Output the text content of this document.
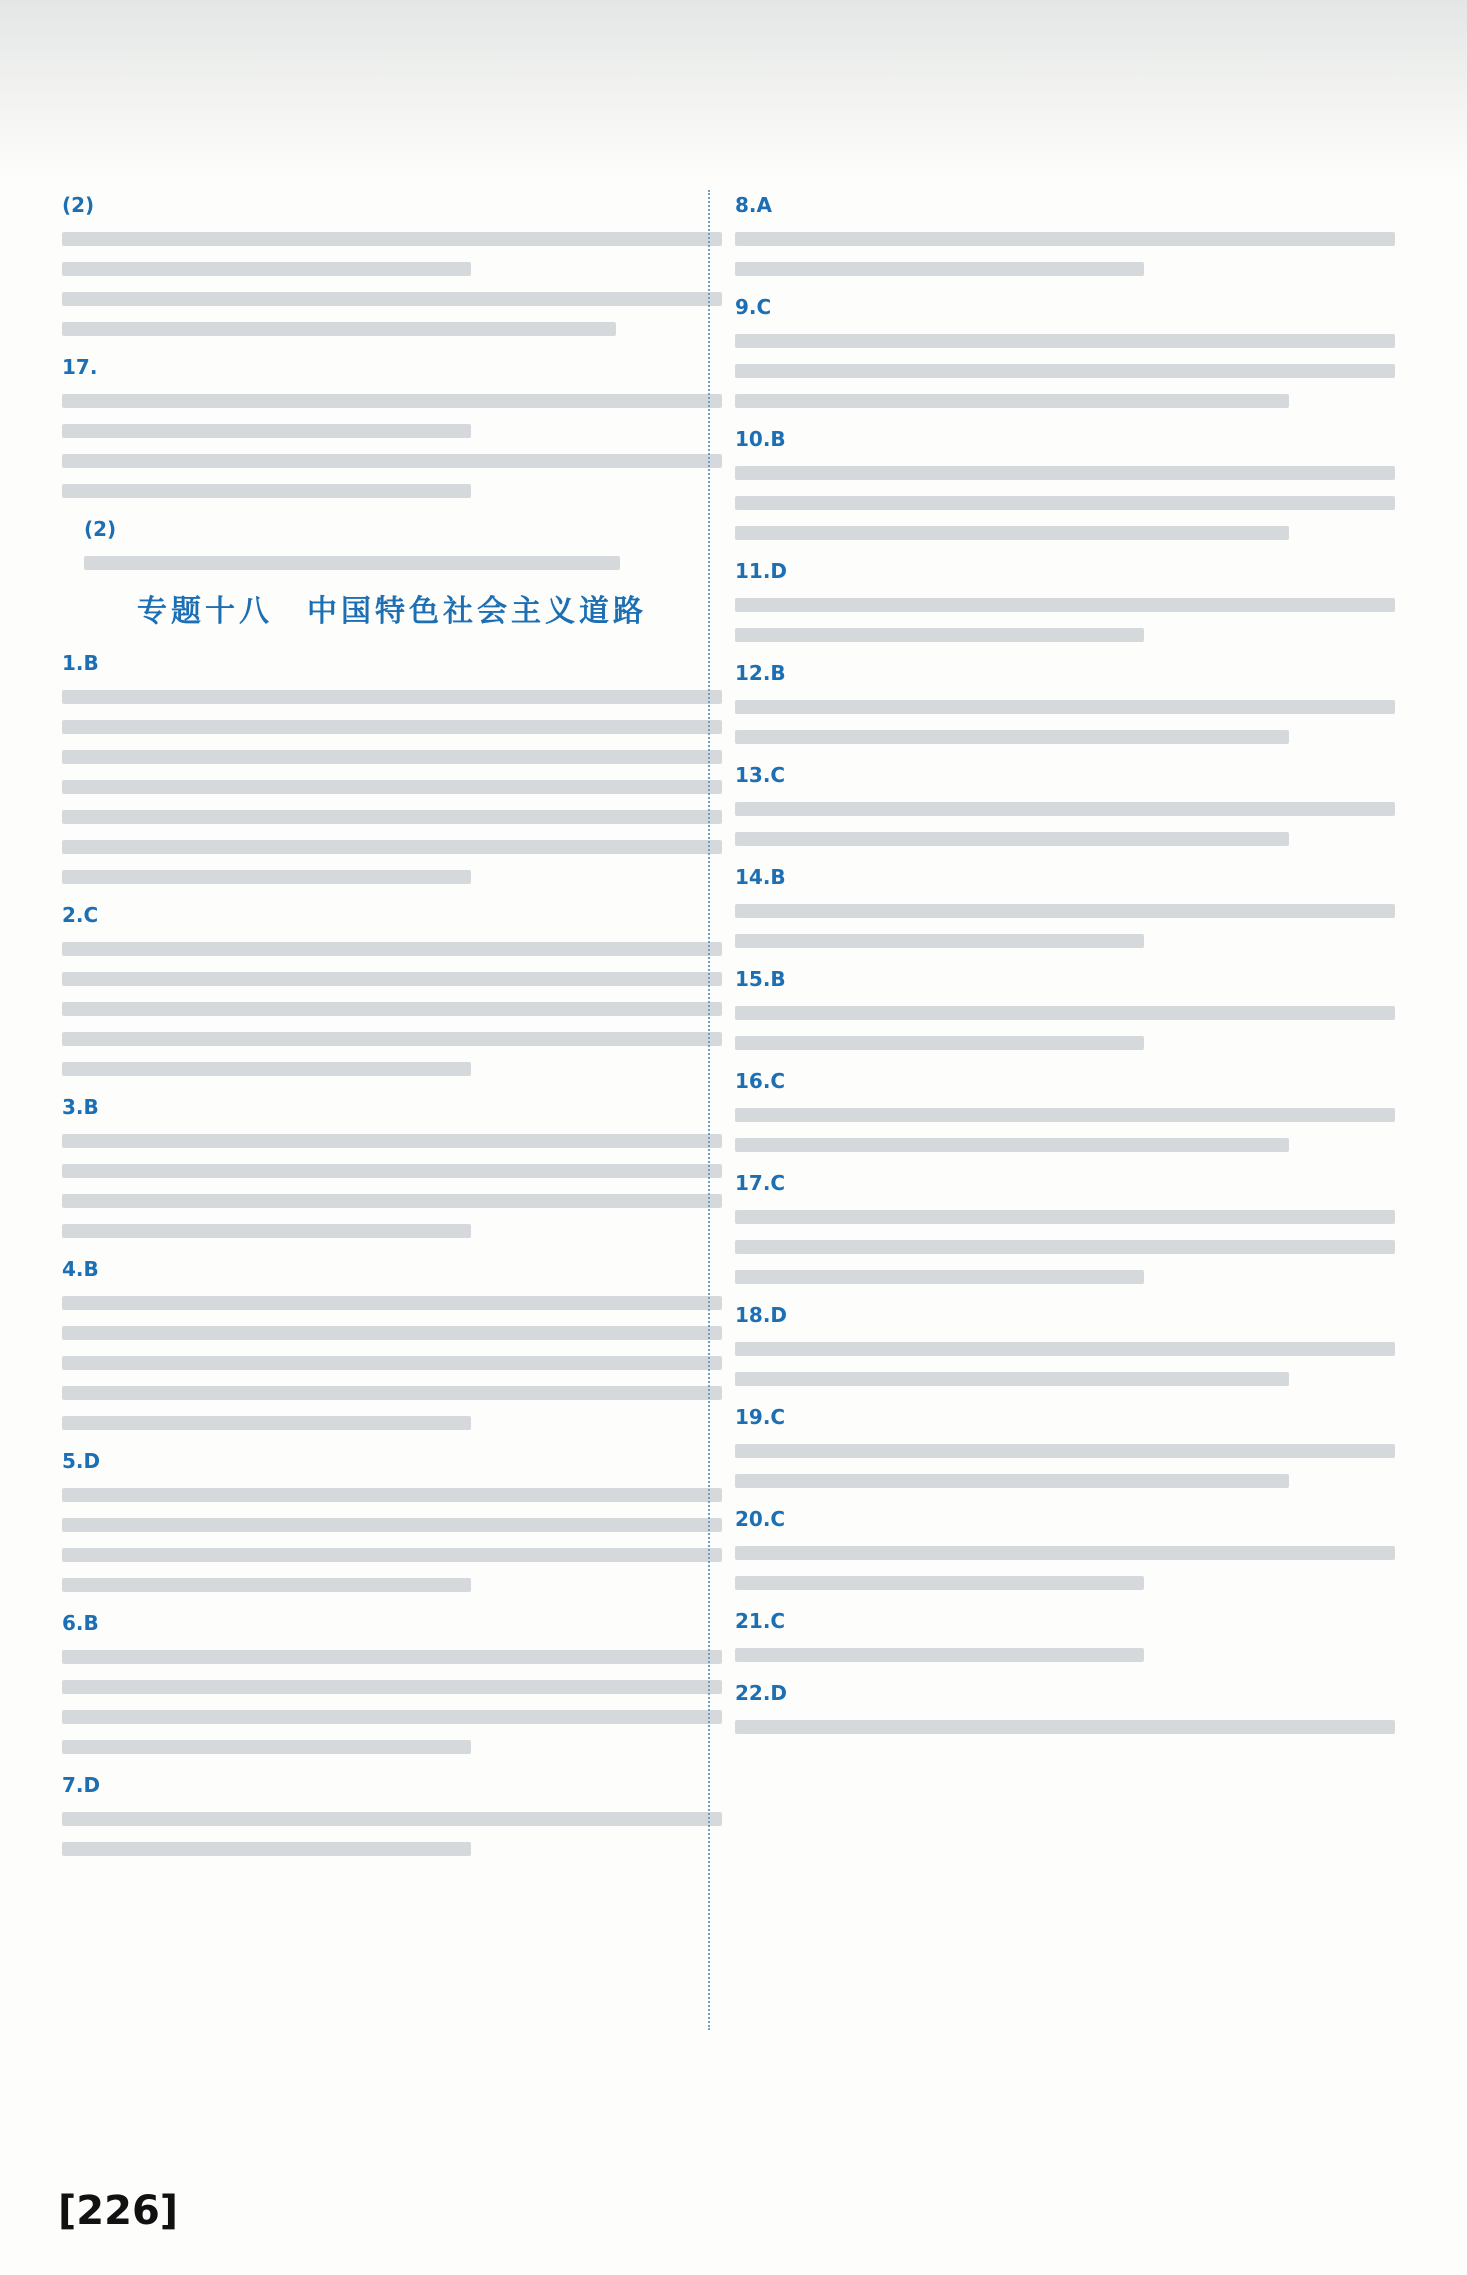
(2)
17.
(2)
专题十八　中国特色社会主义道路
1.B
2.C
3.B
4.B
5.D
6.B
7.D
8.A
9.C
10.B
11.D
12.B
13.C
14.B
15.B
16.C
17.C
18.D
19.C
20.C
21.C
22.D
[226]
